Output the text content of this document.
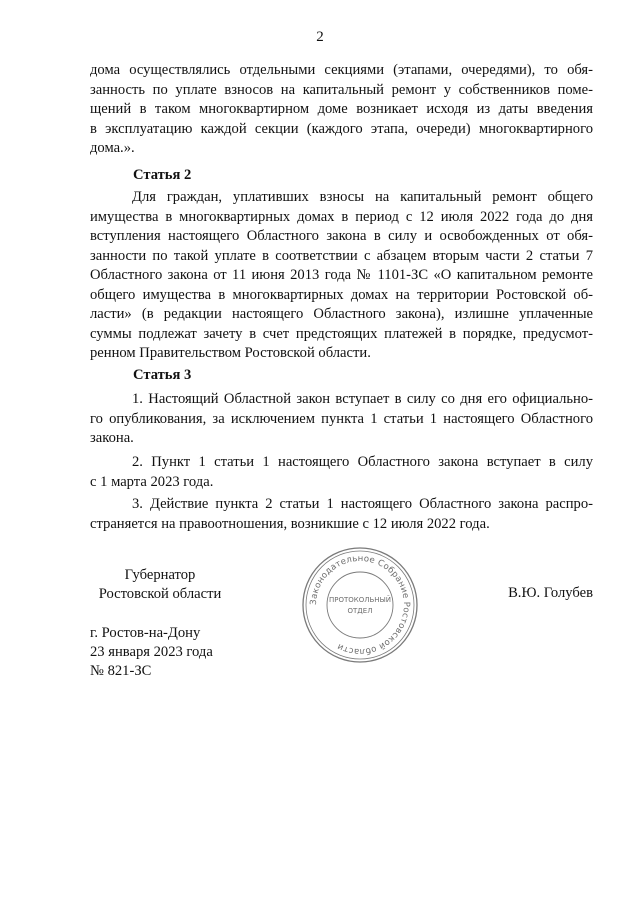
2
дома осуществлялись отдельными секциями (этапами, очередями), то обя-
занность по уплате взносов на капитальный ремонт у собственников поме-
щений в таком многоквартирном доме возникает исходя из даты введения
в эксплуатацию каждой секции (каждого этапа, очереди) многоквартирного
дома.».
Статья 2
Для граждан, уплативших взносы на капитальный ремонт общего
имущества в многоквартирных домах в период с 12 июля 2022 года до дня
вступления настоящего Областного закона в силу и освобожденных от обя-
занности по такой уплате в соответствии с абзацем вторым части 2 статьи 7
Областного закона от 11 июня 2013 года № 1101-ЗС «О капитальном ремонте
общего имущества в многоквартирных домах на территории Ростовской об-
ласти» (в редакции настоящего Областного закона), излишне уплаченные
суммы подлежат зачету в счет предстоящих платежей в порядке, предусмот-
ренном Правительством Ростовской области.
Статья 3
1. Настоящий Областной закон вступает в силу со дня его официально-
го опубликования, за исключением пункта 1 статьи 1 настоящего Областного
закона.
2. Пункт 1 статьи 1 настоящего Областного закона вступает в силу
с 1 марта 2023 года.
3. Действие пункта 2 статьи 1 настоящего Областного закона распро-
страняется на правоотношения, возникшие с 12 июля 2022 года.
Губернатор
Ростовской области	В.Ю. Голубев
г. Ростов-на-Дону
23 января 2023 года
№ 821-ЗС
Законодательное Собрание Ростовской области
ПРОТОКОЛЬНЫЙ
ОТДЕЛ
